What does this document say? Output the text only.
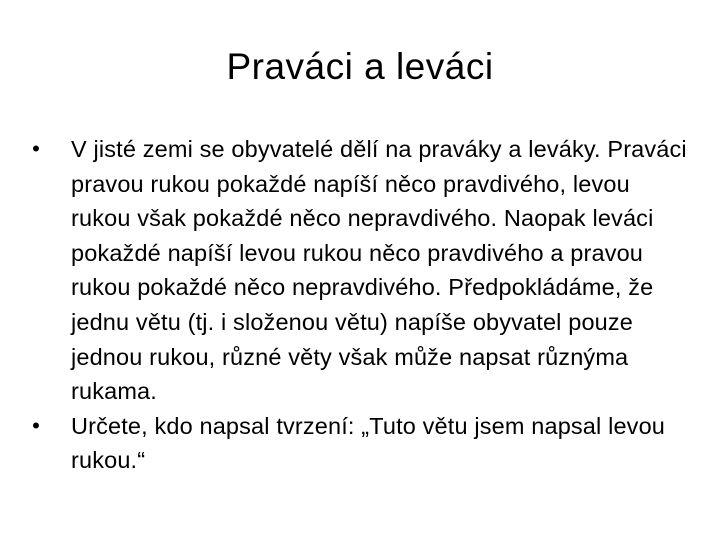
Praváci a leváci
• V jisté zemi se obyvatelé dělí na praváky a leváky. Praváci pravou rukou pokaždé napíší něco pravdivého, levou rukou však pokaždé něco nepravdivého. Naopak leváci pokaždé napíší levou rukou něco pravdivého a pravou rukou pokaždé něco nepravdivého. Předpokládáme, že jednu větu (tj. i složenou větu) napíše obyvatel pouze jednou rukou, různé věty však může napsat různýma rukama.
• Určete, kdo napsal tvrzení: „Tuto větu jsem napsal levou rukou.“
